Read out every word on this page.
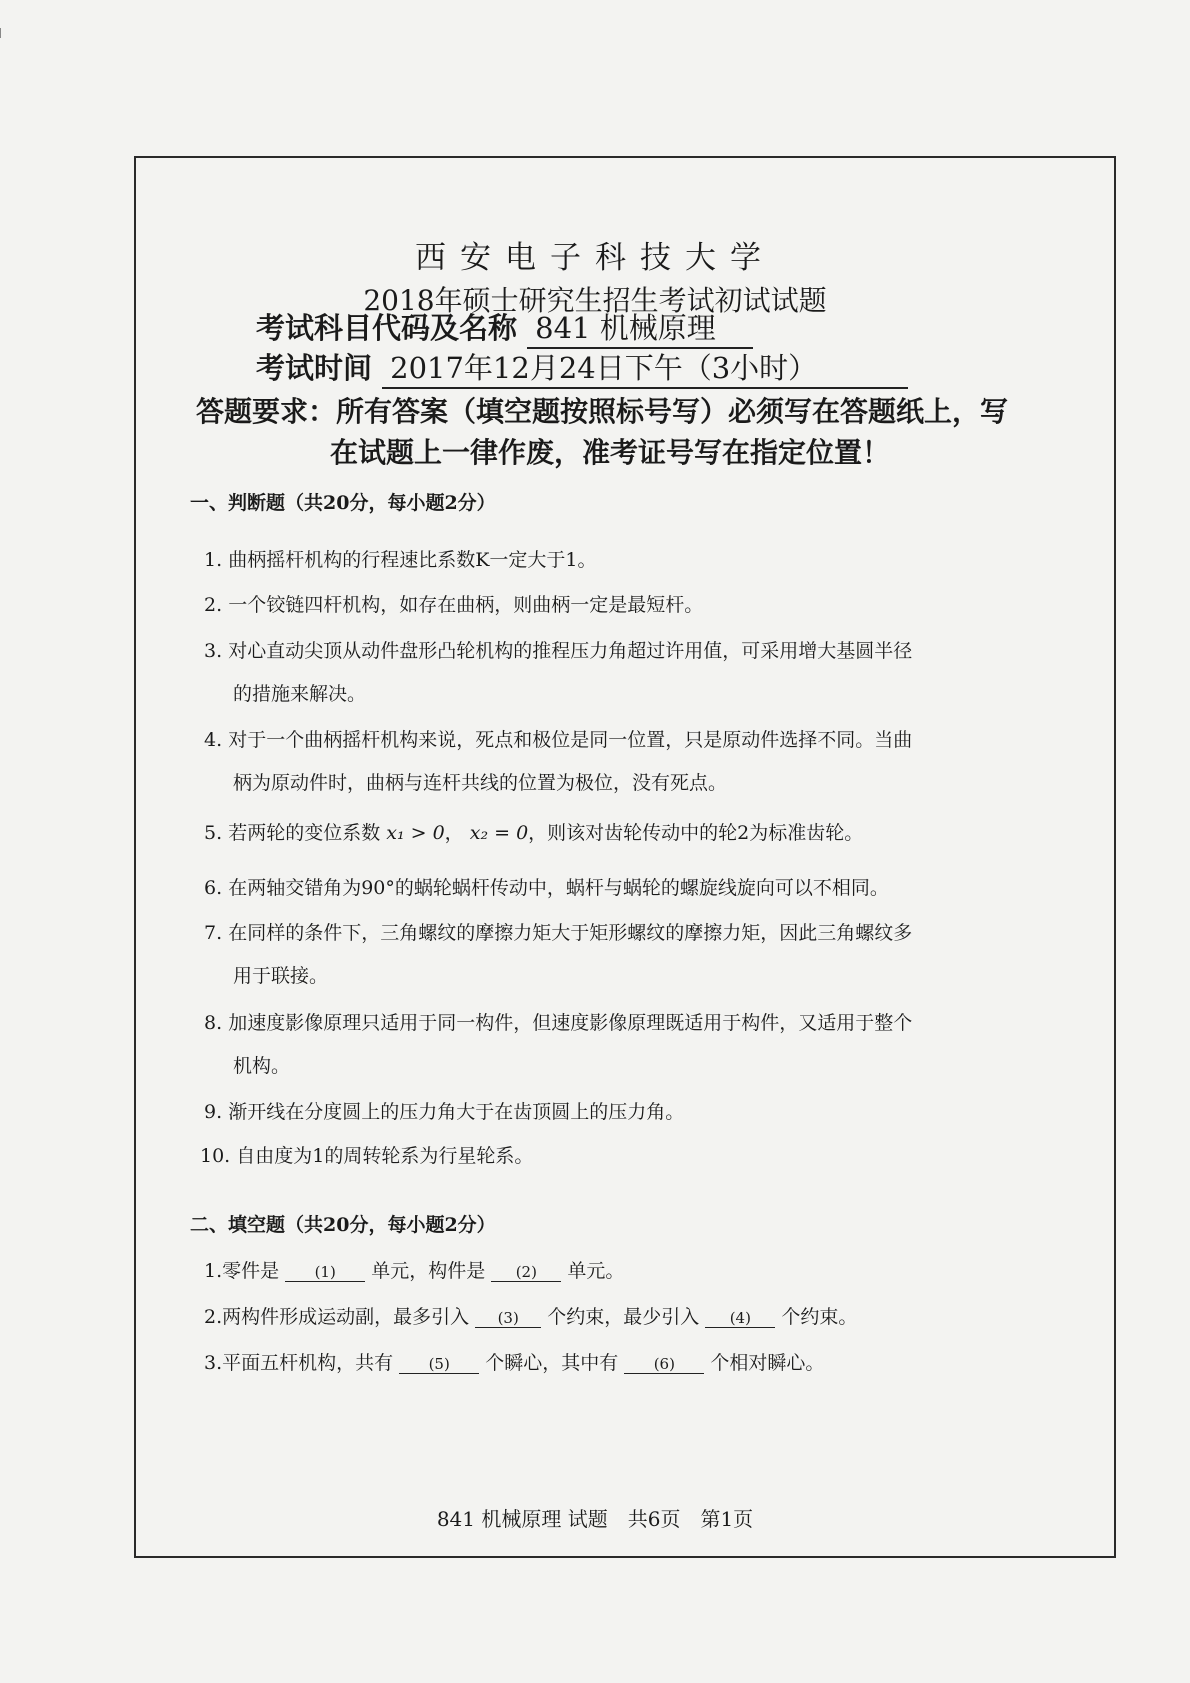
西安电子科技大学
2018年硕士研究生招生考试初试试题
考试科目代码及名称 841 机械原理
考试时间 2017年12月24日下午（3小时）
答题要求：所有答案（填空题按照标号写）必须写在答题纸上，写
在试题上一律作废，准考证号写在指定位置！
一、判断题（共20分，每小题2分）
1. 曲柄摇杆机构的行程速比系数K一定大于1。
2. 一个铰链四杆机构，如存在曲柄，则曲柄一定是最短杆。
3. 对心直动尖顶从动件盘形凸轮机构的推程压力角超过许用值，可采用增大基圆半径
的措施来解决。
4. 对于一个曲柄摇杆机构来说，死点和极位是同一位置，只是原动件选择不同。当曲
柄为原动件时，曲柄与连杆共线的位置为极位，没有死点。
5. 若两轮的变位系数 x₁ > 0， x₂ = 0，则该对齿轮传动中的轮2为标准齿轮。
6. 在两轴交错角为90°的蜗轮蜗杆传动中，蜗杆与蜗轮的螺旋线旋向可以不相同。
7. 在同样的条件下，三角螺纹的摩擦力矩大于矩形螺纹的摩擦力矩，因此三角螺纹多
用于联接。
8. 加速度影像原理只适用于同一构件，但速度影像原理既适用于构件，又适用于整个
机构。
9. 渐开线在分度圆上的压力角大于在齿顶圆上的压力角。
10. 自由度为1的周转轮系为行星轮系。
二、填空题（共20分，每小题2分）
1.零件是 (1) 单元，构件是 (2) 单元。
2.两构件形成运动副，最多引入 (3) 个约束，最少引入 (4) 个约束。
3.平面五杆机构，共有 (5) 个瞬心，其中有 (6) 个相对瞬心。
841 机械原理 试题　共6页　第1页
